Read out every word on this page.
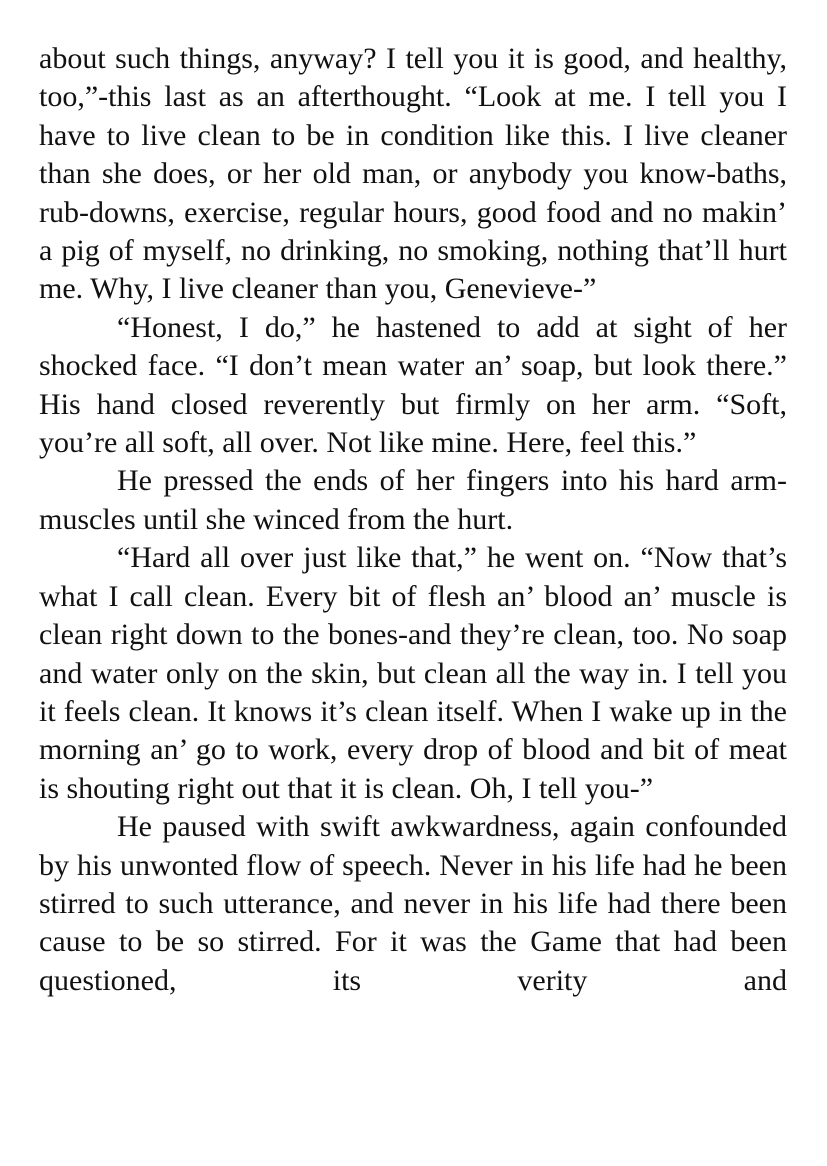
about such things, anyway? I tell you it is good, and healthy, too,”-this last as an afterthought. “Look at me. I tell you I have to live clean to be in condition like this. I live cleaner than she does, or her old man, or anybody you know-baths, rub-downs, exercise, regular hours, good food and no makin’ a pig of myself, no drinking, no smoking, nothing that’ll hurt me. Why, I live cleaner than you, Genevieve-”

“Honest, I do,” he hastened to add at sight of her shocked face. “I don’t mean water an’ soap, but look there.” His hand closed reverently but firmly on her arm. “Soft, you’re all soft, all over. Not like mine. Here, feel this.”

He pressed the ends of her fingers into his hard arm-muscles until she winced from the hurt.

“Hard all over just like that,” he went on. “Now that’s what I call clean. Every bit of flesh an’ blood an’ muscle is clean right down to the bones-and they’re clean, too. No soap and water only on the skin, but clean all the way in. I tell you it feels clean. It knows it’s clean itself. When I wake up in the morning an’ go to work, every drop of blood and bit of meat is shouting right out that it is clean. Oh, I tell you-”

He paused with swift awkwardness, again confounded by his unwonted flow of speech. Never in his life had he been stirred to such utterance, and never in his life had there been cause to be so stirred. For it was the Game that had been questioned, its verity and
